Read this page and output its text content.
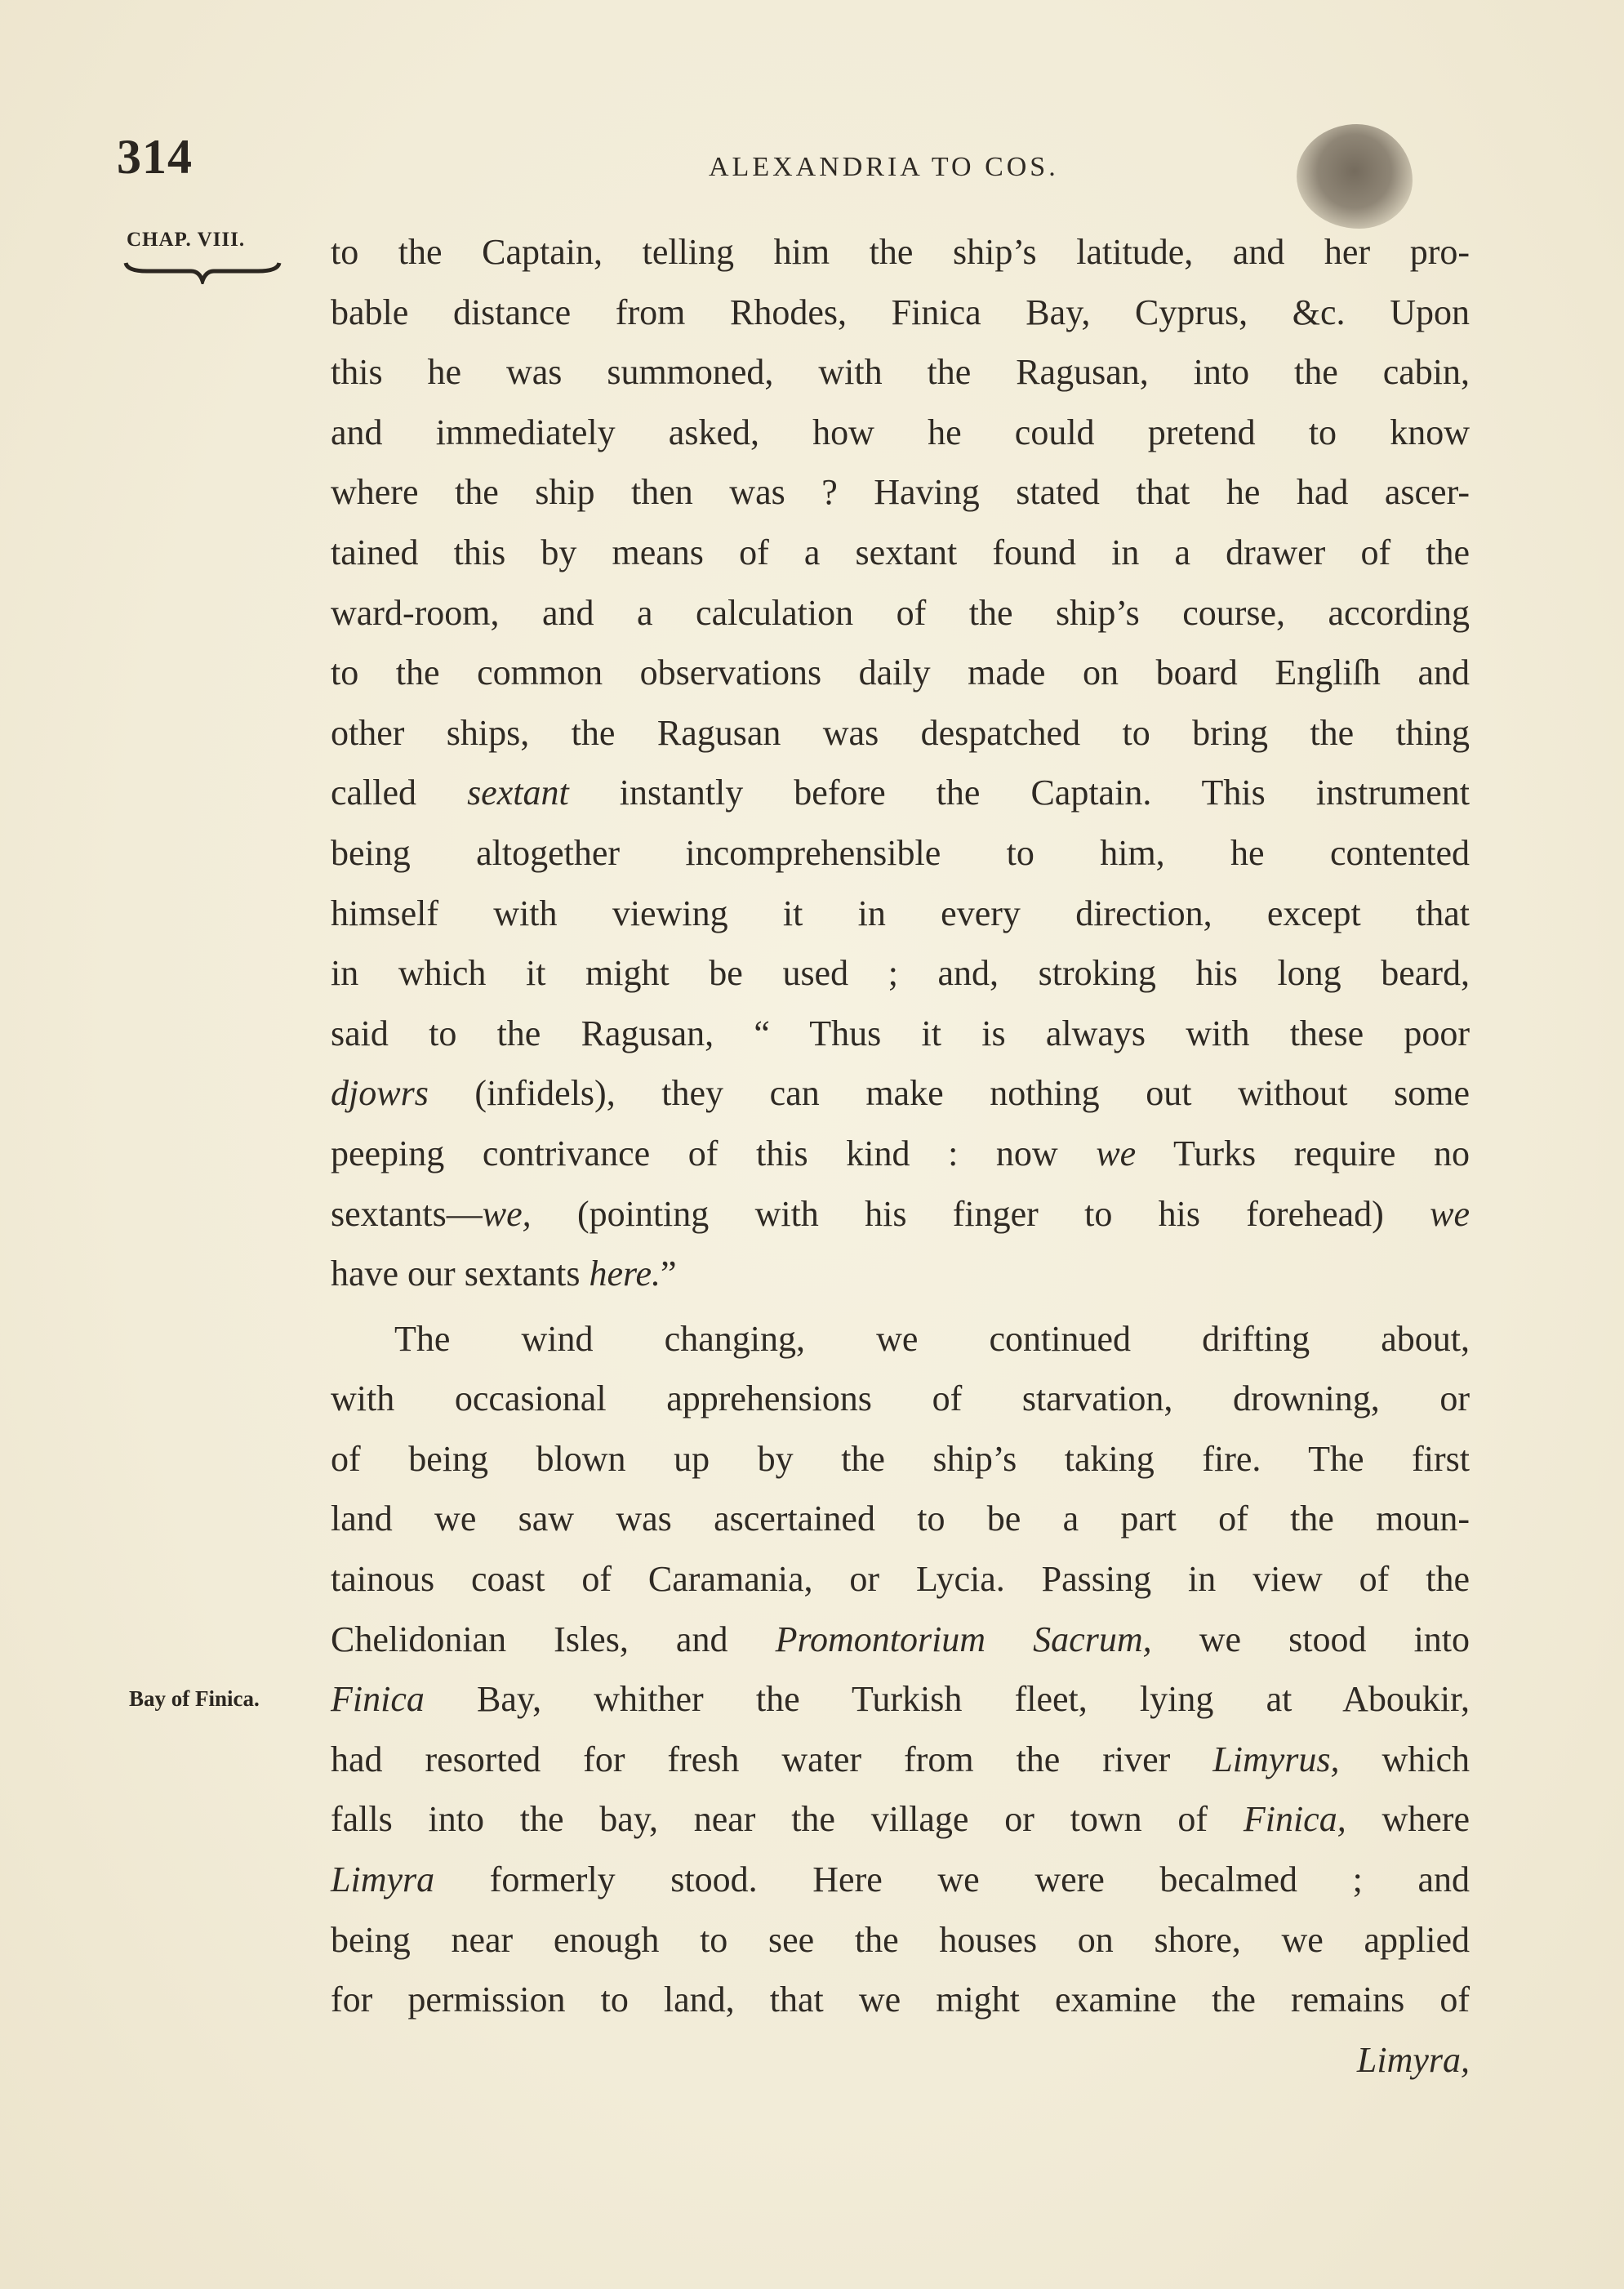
314	ALEXANDRIA TO COS.
CHAP. VIII.
Bay of Finica.
to the Captain, telling him the ship’s latitude, and her pro-
bable distance from Rhodes, Finica Bay, Cyprus, &c. Upon
this he was summoned, with the Ragusan, into the cabin,
and immediately asked, how he could pretend to know
where the ship then was ? Having stated that he had ascer-
tained this by means of a sextant found in a drawer of the
ward-room, and a calculation of the ship’s course, according
to the common observations daily made on board Engliſh and
other ships, the Ragusan was despatched to bring the thing
called sextant instantly before the Captain. This instrument
being altogether incomprehensible to him, he contented
himself with viewing it in every direction, except that
in which it might be used ; and, stroking his long beard,
said to the Ragusan, “ Thus it is always with these poor
djowrs (infidels), they can make nothing out without some
peeping contrivance of this kind : now we Turks require no
sextants—we, (pointing with his finger to his forehead) we
have our sextants here.”
The wind changing, we continued drifting about,
with occasional apprehensions of starvation, drowning, or
of being blown up by the ship’s taking fire. The first
land we saw was ascertained to be a part of the moun-
tainous coast of Caramania, or Lycia. Passing in view of the
Chelidonian Isles, and Promontorium Sacrum, we stood into
Finica Bay, whither the Turkish fleet, lying at Aboukir,
had resorted for fresh water from the river Limyrus, which
falls into the bay, near the village or town of Finica, where
Limyra formerly stood. Here we were becalmed ; and
being near enough to see the houses on shore, we applied
for permission to land, that we might examine the remains of
Limyra,
